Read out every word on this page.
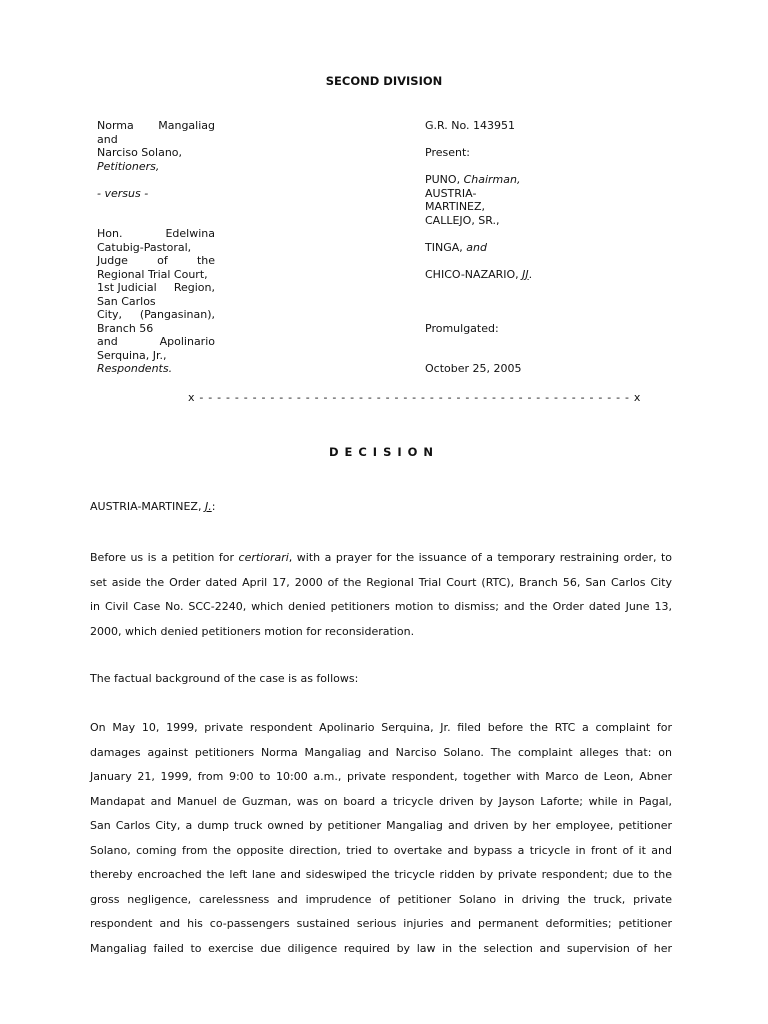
SECOND DIVISION
Norma Mangaliag
and
Narciso Solano,
Petitioners,
- versus -
Hon.	Edelwina
Catubig-Pastoral,
Judge	of	the
Regional Trial Court,
1st Judicial Region,
San Carlos
City, (Pangasinan),
Branch 56
and	Apolinario
Serquina, Jr.,
Respondents.
G.R. No. 143951
Present:
PUNO, Chairman,
AUSTRIA-
MARTINEZ,
CALLEJO, SR.,
TINGA, and
CHICO-NAZARIO, JJ.
Promulgated:
October 25, 2005
x - - - - - - - - - - - - - - - - - - - - - - - - - - - - - - - - - - - - - - - - - - - - - - - - - x
DECISION
AUSTRIA-MARTINEZ, J.:
Before us is a petition for certiorari, with a prayer for the issuance of a temporary restraining order, to
set aside the Order dated April 17, 2000 of the Regional Trial Court (RTC), Branch 56, San Carlos City
in Civil Case No. SCC-2240, which denied petitioners motion to dismiss; and the Order dated June 13,
2000, which denied petitioners motion for reconsideration.
The factual background of the case is as follows:
On May 10, 1999, private respondent Apolinario Serquina, Jr. filed before the RTC a complaint for
damages against petitioners Norma Mangaliag and Narciso Solano. The complaint alleges that: on
January 21, 1999, from 9:00 to 10:00 a.m., private respondent, together with Marco de Leon, Abner
Mandapat and Manuel de Guzman, was on board a tricycle driven by Jayson Laforte; while in Pagal,
San Carlos City, a dump truck owned by petitioner Mangaliag and driven by her employee, petitioner
Solano, coming from the opposite direction, tried to overtake and bypass a tricycle in front of it and
thereby encroached the left lane and sideswiped the tricycle ridden by private respondent; due to the
gross negligence, carelessness and imprudence of petitioner Solano in driving the truck, private
respondent and his co-passengers sustained serious injuries and permanent deformities; petitioner
Mangaliag failed to exercise due diligence required by law in the selection and supervision of her
